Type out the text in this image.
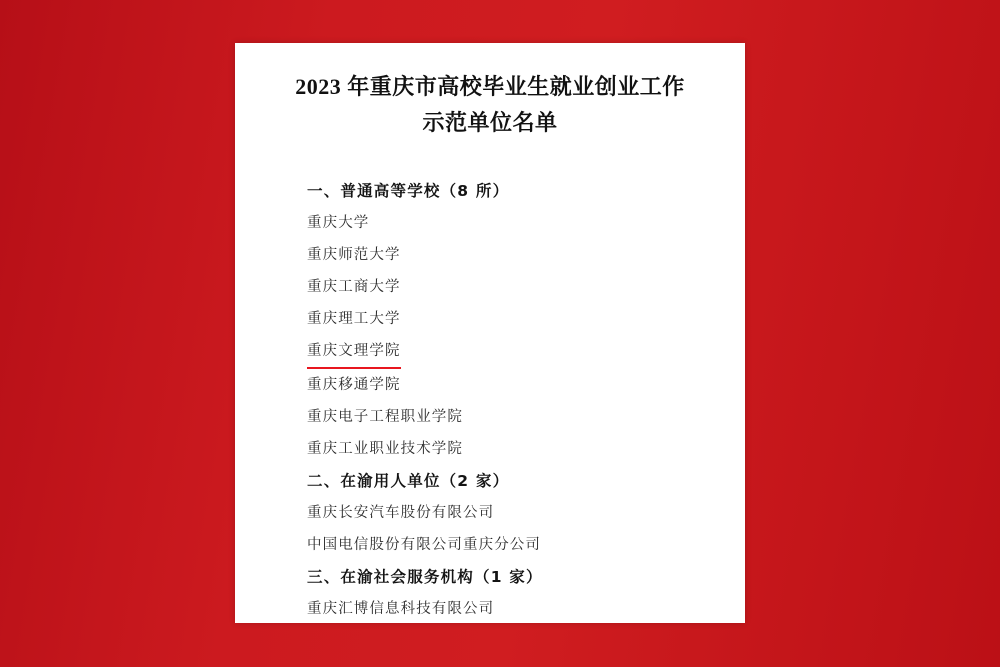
2023 年重庆市高校毕业生就业创业工作
示范单位名单

一、普通高等学校（8 所）

重庆大学

重庆师范大学

重庆工商大学

重庆理工大学

重庆文理学院

重庆移通学院

重庆电子工程职业学院

重庆工业职业技术学院

二、在渝用人单位（2 家）

重庆长安汽车股份有限公司

中国电信股份有限公司重庆分公司

三、在渝社会服务机构（1 家）

重庆汇博信息科技有限公司
